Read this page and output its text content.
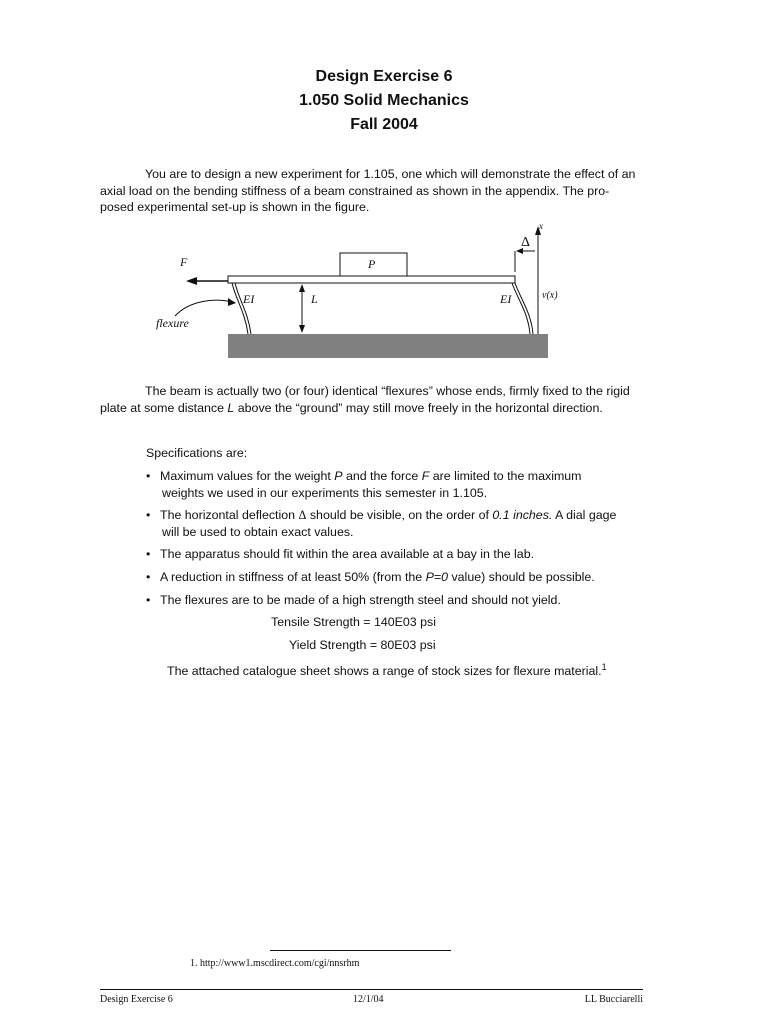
Design Exercise 6
1.050 Solid Mechanics
Fall 2004
You are to design a new experiment for 1.105, one which will demonstrate the effect of an
axial load on the bending stiffness of a beam constrained as shown in the appendix. The pro-
posed experimental set-up is shown in the figure.
P
F
EI
flexure
L	EI
x
Δ
v(x)
The beam is actually two (or four) identical “flexures” whose ends, firmly fixed to the rigid
plate at some distance L above the “ground” may still move freely in the horizontal direction.
Specifications are:
• Maximum values for the weight P and the force F are limited to the maximum
weights we used in our experiments this semester in 1.105.
• The horizontal deflection Δ should be visible, on the order of 0.1 inches. A dial gage
will be used to obtain exact values.
• The apparatus should fit within the area available at a bay in the lab.
• A reduction in stiffness of at least 50% (from the P=0 value) should be possible.
• The flexures are to be made of a high strength steel and should not yield.
Tensile Strength = 140E03 psi
Yield Strength = 80E03 psi
The attached catalogue sheet shows a range of stock sizes for flexure material.$^1$
1. http://www1.mscdirect.com/cgi/nnsrhm
Design Exercise 6	12/1/04	LL Bucciarelli
